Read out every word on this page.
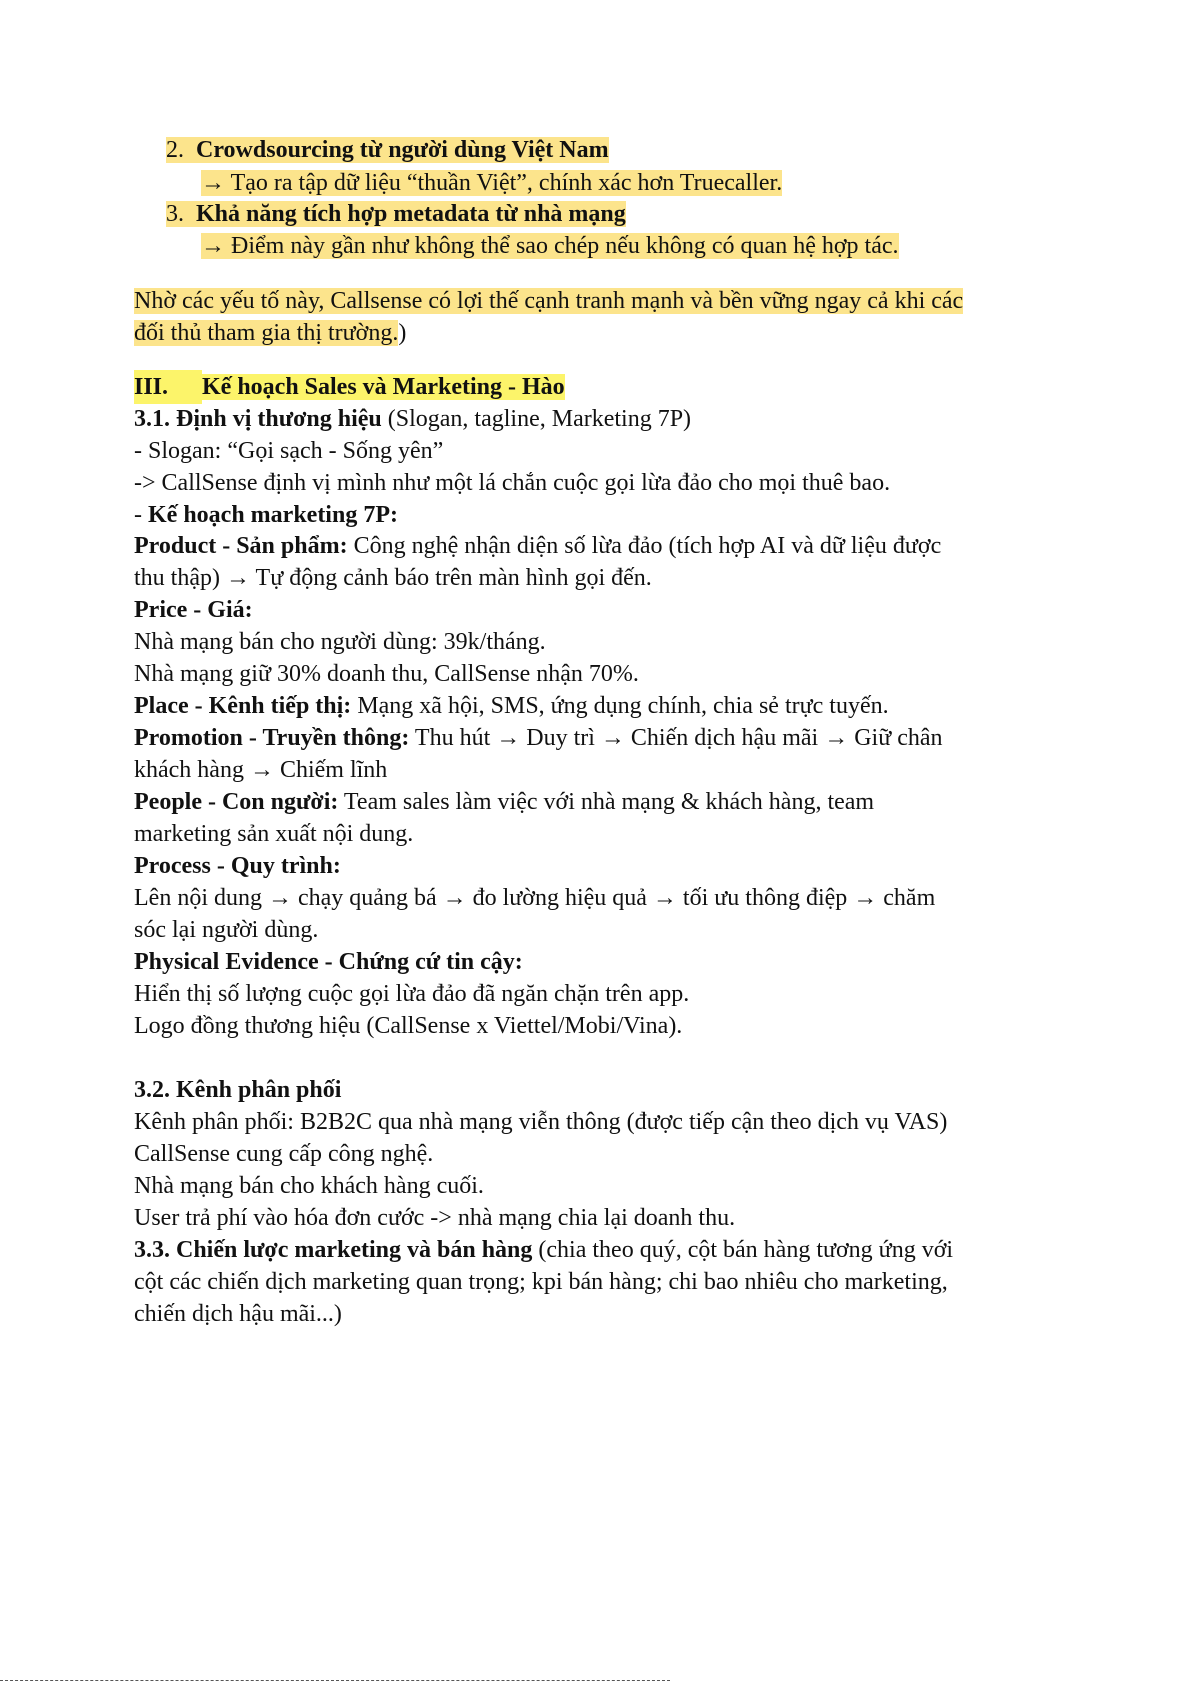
2. Crowdsourcing từ người dùng Việt Nam
→ Tạo ra tập dữ liệu “thuần Việt”, chính xác hơn Truecaller.
3. Khả năng tích hợp metadata từ nhà mạng
→ Điểm này gần như không thể sao chép nếu không có quan hệ hợp tác.
Nhờ các yếu tố này, Callsense có lợi thế cạnh tranh mạnh và bền vững ngay cả khi các
đối thủ tham gia thị trường.)
III. Kế hoạch Sales và Marketing - Hào
3.1. Định vị thương hiệu (Slogan, tagline, Marketing 7P)
- Slogan: “Gọi sạch - Sống yên”
-> CallSense định vị mình như một lá chắn cuộc gọi lừa đảo cho mọi thuê bao.
- Kế hoạch marketing 7P:
Product - Sản phẩm: Công nghệ nhận diện số lừa đảo (tích hợp AI và dữ liệu được
thu thập) → Tự động cảnh báo trên màn hình gọi đến.
Price - Giá:
Nhà mạng bán cho người dùng: 39k/tháng.
Nhà mạng giữ 30% doanh thu, CallSense nhận 70%.
Place - Kênh tiếp thị: Mạng xã hội, SMS, ứng dụng chính, chia sẻ trực tuyến.
Promotion - Truyền thông: Thu hút → Duy trì → Chiến dịch hậu mãi → Giữ chân
khách hàng → Chiếm lĩnh
People - Con người: Team sales làm việc với nhà mạng & khách hàng, team
marketing sản xuất nội dung.
Process - Quy trình:
Lên nội dung → chạy quảng bá → đo lường hiệu quả → tối ưu thông điệp → chăm
sóc lại người dùng.
Physical Evidence - Chứng cứ tin cậy:
Hiển thị số lượng cuộc gọi lừa đảo đã ngăn chặn trên app.
Logo đồng thương hiệu (CallSense x Viettel/Mobi/Vina).
3.2. Kênh phân phối
Kênh phân phối: B2B2C qua nhà mạng viễn thông (được tiếp cận theo dịch vụ VAS)
CallSense cung cấp công nghệ.
Nhà mạng bán cho khách hàng cuối.
User trả phí vào hóa đơn cước -> nhà mạng chia lại doanh thu.
3.3. Chiến lược marketing và bán hàng (chia theo quý, cột bán hàng tương ứng với
cột các chiến dịch marketing quan trọng; kpi bán hàng; chi bao nhiêu cho marketing,
chiến dịch hậu mãi...)
